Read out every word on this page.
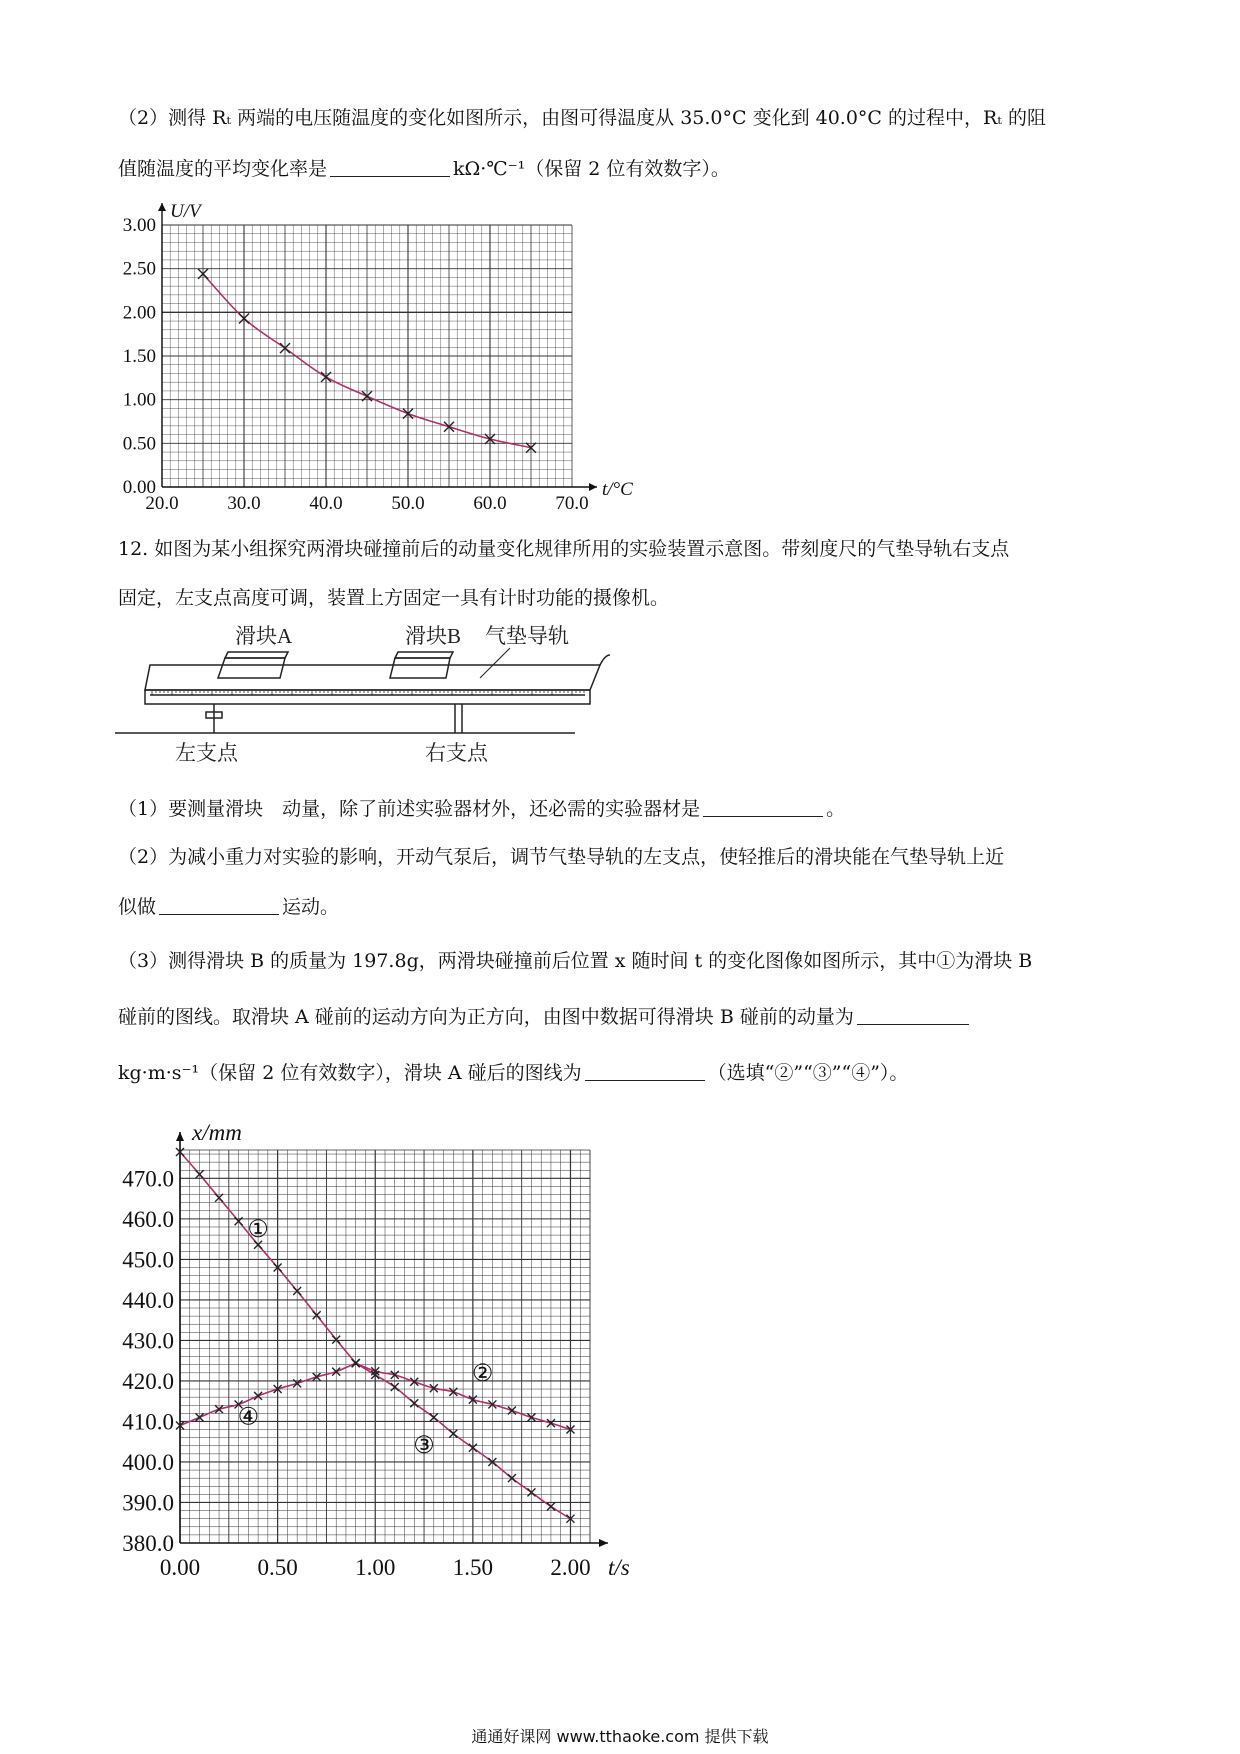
（2）测得 Rₜ 两端的电压随温度的变化如图所示，由图可得温度从 35.0°C 变化到 40.0°C 的过程中，Rₜ 的阻
值随温度的平均变化率是	kΩ·℃⁻¹（保留 2 位有效数字）。
20.0	30.0	40.0	50.0	60.0	70.0
0.00
0.50
1.00
1.50
2.00
2.50
3.00
U/V
t/°C
12. 如图为某小组探究两滑块碰撞前后的动量变化规律所用的实验装置示意图。带刻度尺的气垫导轨右支点
固定，左支点高度可调，装置上方固定一具有计时功能的摄像机。
滑块A	滑块B 气垫导轨
左支点	右支点
（1）要测量滑块　动量，除了前述实验器材外，还必需的实验器材是	。
（2）为减小重力对实验的影响，开动气泵后，调节气垫导轨的左支点，使轻推后的滑块能在气垫导轨上近
似做	运动。
（3）测得滑块 B 的质量为 197.8g，两滑块碰撞前后位置 x 随时间 t 的变化图像如图所示，其中①为滑块 B
碰前的图线。取滑块 A 碰前的运动方向为正方向，由图中数据可得滑块 B 碰前的动量为
kg·m·s⁻¹（保留 2 位有效数字），滑块 A 碰后的图线为	（选填“②”“③”“④”）。
0.00 0.50 1.00 1.50 2.00
380.0
390.0
400.0
410.0
420.0
430.0
440.0
450.0
460.0
470.0
x/mm
t/s
①
②
③
④
通通好课网 www.tthaoke.com 提供下载
